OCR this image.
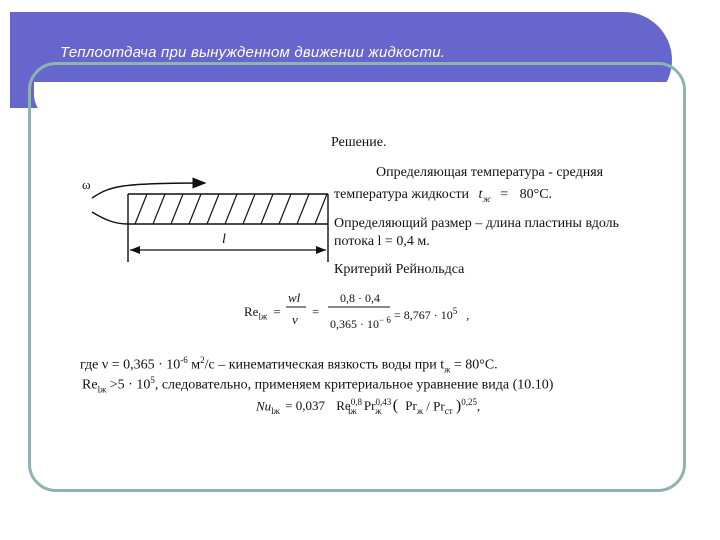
Теплоотдача при вынужденном движении жидкости.
ω
l
Решение.
Определяющая температура - средняя
температура жидкости $t_ж = 80^\circ С$.
Определяющий размер – длина пластины вдоль
потока l = 0,4 м.
Критерий Рейнольдса
$Re_{lж}$ =
wl
ν
=
0,8 · 0,4
$0,365 \cdot 10^{- 6} = 8,767 \cdot 10^5$ ,
где $\nu = 0,365 \cdot 10^{-6}$ $м^2/с$ – кинематическая вязкость воды при $t_ж = 80^\circ С$.
$Re_{lж} >5 \cdot 10^5$, следовательно, применяем критериальное уравнение вида (10.10)
$Nu_{lж} = 0,037$ Re$^{0,8}_{lж}$ Pr$^{0,43}_ж$ ( $Pr_ж / Pr_{ст}$ )$^{0,25}$,
